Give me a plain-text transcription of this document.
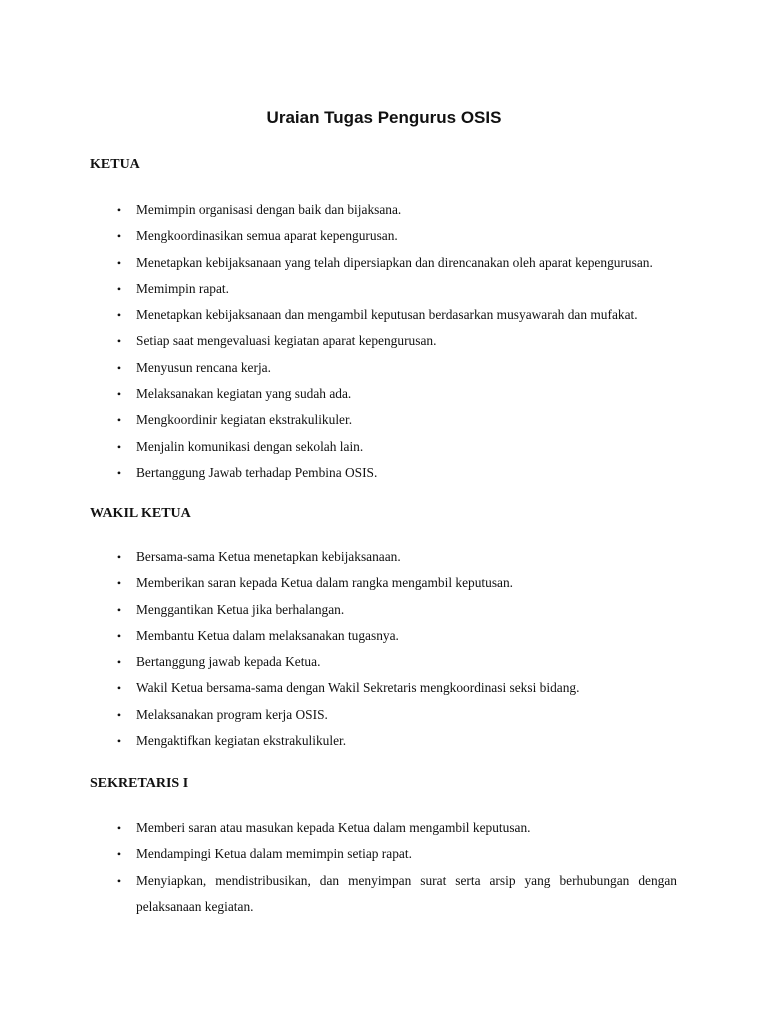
Uraian Tugas Pengurus OSIS
KETUA
• Memimpin organisasi dengan baik dan bijaksana.
• Mengkoordinasikan semua aparat kepengurusan.
• Menetapkan kebijaksanaan yang telah dipersiapkan dan direncanakan oleh aparat kepengurusan.
• Memimpin rapat.
• Menetapkan kebijaksanaan dan mengambil keputusan berdasarkan musyawarah dan mufakat.
• Setiap saat mengevaluasi kegiatan aparat kepengurusan.
• Menyusun rencana kerja.
• Melaksanakan kegiatan yang sudah ada.
• Mengkoordinir kegiatan ekstrakulikuler.
• Menjalin komunikasi dengan sekolah lain.
• Bertanggung Jawab terhadap Pembina OSIS.
WAKIL KETUA
• Bersama-sama Ketua menetapkan kebijaksanaan.
• Memberikan saran kepada Ketua dalam rangka mengambil keputusan.
• Menggantikan Ketua jika berhalangan.
• Membantu Ketua dalam melaksanakan tugasnya.
• Bertanggung jawab kepada Ketua.
• Wakil Ketua bersama-sama dengan Wakil Sekretaris mengkoordinasi seksi bidang.
• Melaksanakan program kerja OSIS.
• Mengaktifkan kegiatan ekstrakulikuler.
SEKRETARIS I
• Memberi saran atau masukan kepada Ketua dalam mengambil keputusan.
• Mendampingi Ketua dalam memimpin setiap rapat.
• Menyiapkan, mendistribusikan, dan menyimpan surat serta arsip yang berhubungan dengan pelaksanaan kegiatan.
